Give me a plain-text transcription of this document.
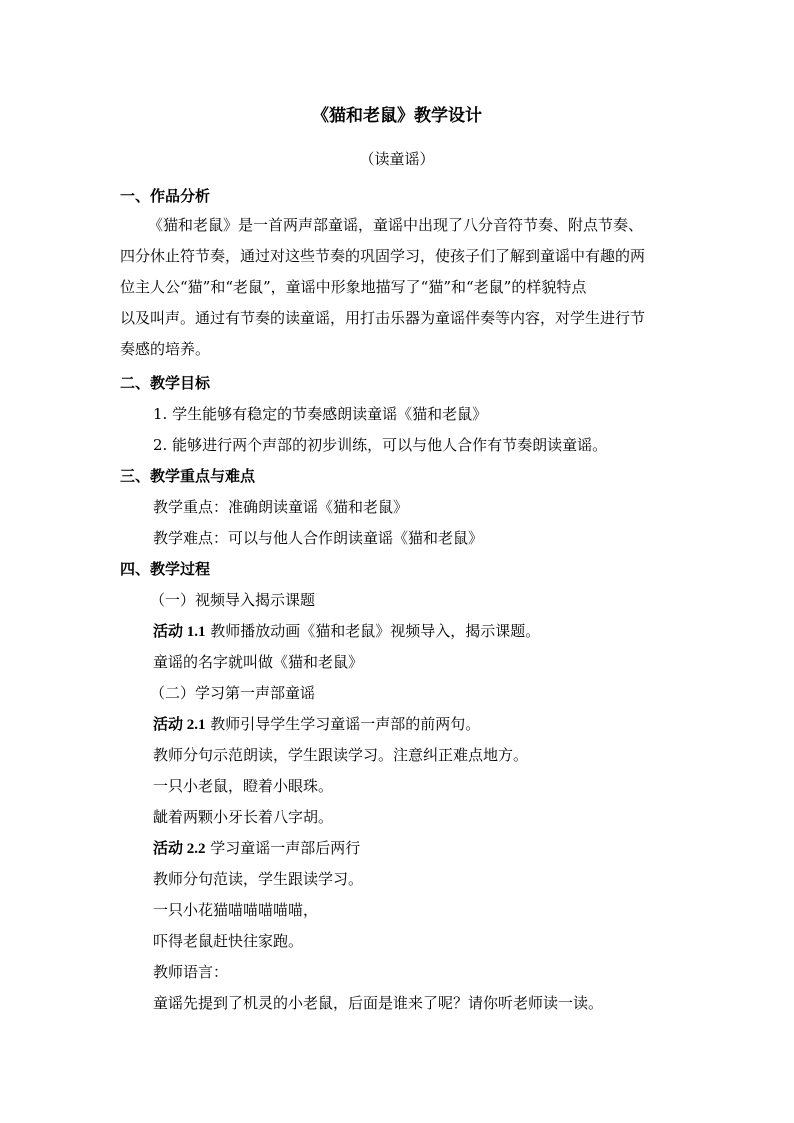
《猫和老鼠》教学设计
（读童谣）
一、作品分析
《猫和老鼠》是一首两声部童谣，童谣中出现了八分音符节奏、附点节奏、
四分休止符节奏，通过对这些节奏的巩固学习，使孩子们了解到童谣中有趣的两
位主人公“猫”和“老鼠”，童谣中形象地描写了“猫”和“老鼠”的样貌特点
以及叫声。通过有节奏的读童谣，用打击乐器为童谣伴奏等内容，对学生进行节
奏感的培养。
二、教学目标
1. 学生能够有稳定的节奏感朗读童谣《猫和老鼠》
2. 能够进行两个声部的初步训练，可以与他人合作有节奏朗读童谣。
三、教学重点与难点
教学重点：准确朗读童谣《猫和老鼠》
教学难点：可以与他人合作朗读童谣《猫和老鼠》
四、教学过程
（一）视频导入揭示课题
活动 1.1 教师播放动画《猫和老鼠》视频导入，揭示课题。
童谣的名字就叫做《猫和老鼠》
（二）学习第一声部童谣
活动 2.1 教师引导学生学习童谣一声部的前两句。
教师分句示范朗读，学生跟读学习。注意纠正难点地方。
一只小老鼠，瞪着小眼珠。
龇着两颗小牙长着八字胡。
活动 2.2 学习童谣一声部后两行
教师分句范读，学生跟读学习。
一只小花猫喵喵喵喵喵，
吓得老鼠赶快往家跑。
教师语言：
童谣先提到了机灵的小老鼠，后面是谁来了呢？请你听老师读一读。
